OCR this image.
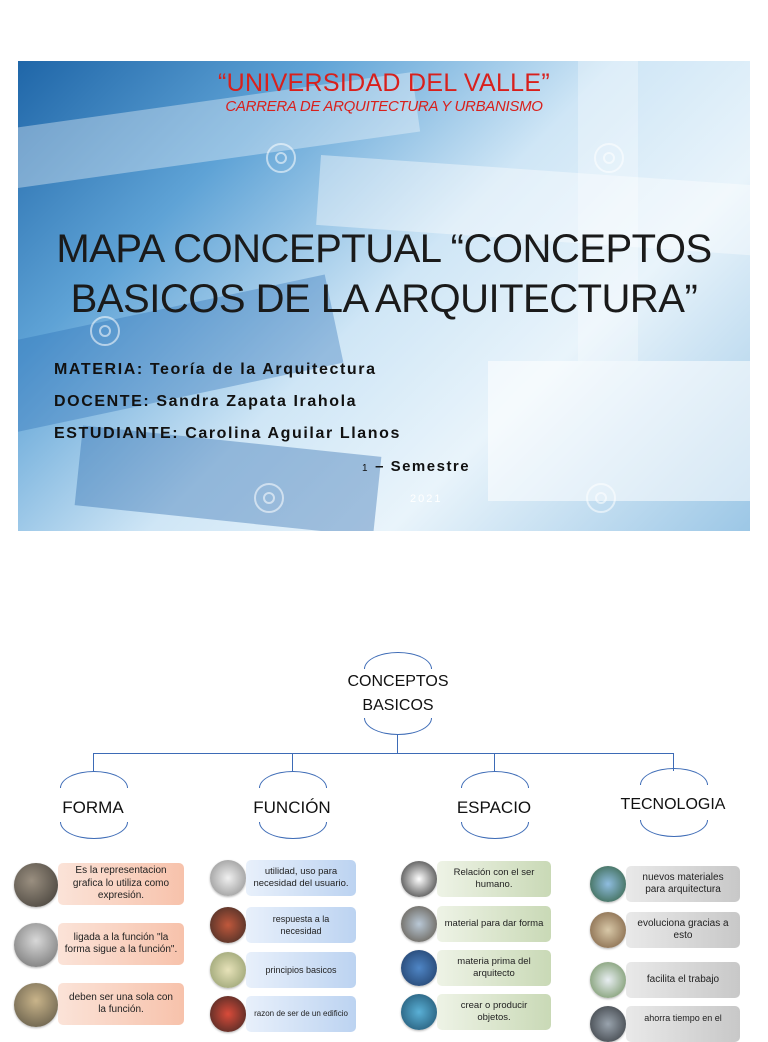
“UNIVERSIDAD DEL VALLE”
CARRERA DE ARQUITECTURA Y URBANISMO
MAPA CONCEPTUAL “CONCEPTOS
BASICOS DE LA ARQUITECTURA”
MATERIA: Teoría de la Arquitectura
DOCENTE: Sandra Zapata Irahola
ESTUDIANTE: Carolina Aguilar Llanos
1 – Semestre
2021
CONCEPTOS BASICOS
FORMA	FUNCIÓN	ESPACIO	TECNOLOGIA
Es la representacion grafica lo utiliza como expresión.
ligada a la función "la forma sigue a la función".
deben ser una sola con la función.
utilidad, uso para necesidad del usuario.
respuesta a la necesidad
principios basicos
razon de ser de un edificio
Relación con el ser humano.
material para dar forma
materia prima del arquitecto
crear o producir objetos.
nuevos materiales para arquitectura
evoluciona gracias a esto
facilita el trabajo
ahorra tiempo en el
